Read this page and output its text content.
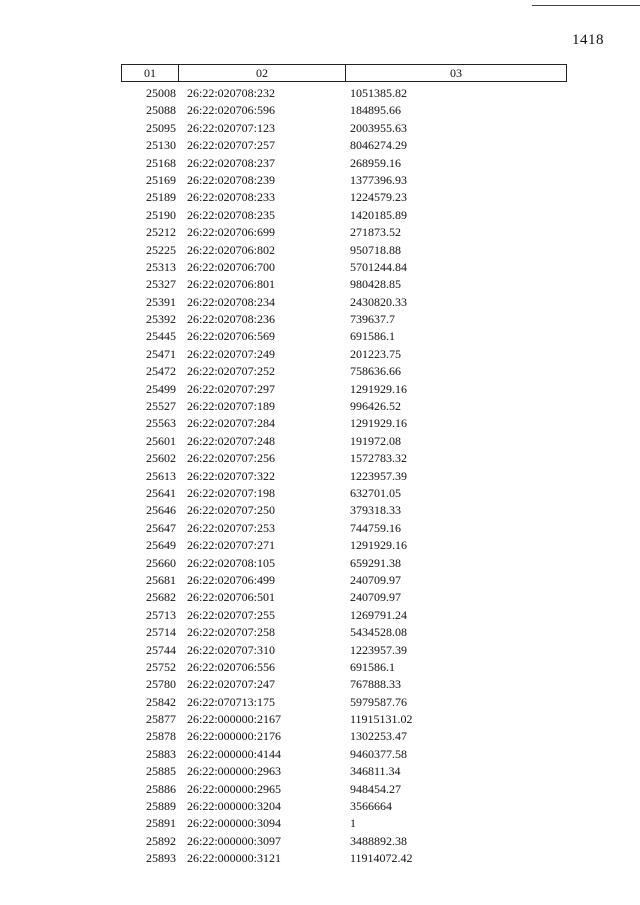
1418
01	02	03
25008 26:22:020708:232	1051385.82
25088 26:22:020706:596	184895.66
25095 26:22:020707:123	2003955.63
25130 26:22:020707:257	8046274.29
25168 26:22:020708:237	268959.16
25169 26:22:020708:239	1377396.93
25189 26:22:020708:233	1224579.23
25190 26:22:020708:235	1420185.89
25212 26:22:020706:699	271873.52
25225 26:22:020706:802	950718.88
25313 26:22:020706:700	5701244.84
25327 26:22:020706:801	980428.85
25391 26:22:020708:234	2430820.33
25392 26:22:020708:236	739637.7
25445 26:22:020706:569	691586.1
25471 26:22:020707:249	201223.75
25472 26:22:020707:252	758636.66
25499 26:22:020707:297	1291929.16
25527 26:22:020707:189	996426.52
25563 26:22:020707:284	1291929.16
25601 26:22:020707:248	191972.08
25602 26:22:020707:256	1572783.32
25613 26:22:020707:322	1223957.39
25641 26:22:020707:198	632701.05
25646 26:22:020707:250	379318.33
25647 26:22:020707:253	744759.16
25649 26:22:020707:271	1291929.16
25660 26:22:020708:105	659291.38
25681 26:22:020706:499	240709.97
25682 26:22:020706:501	240709.97
25713 26:22:020707:255	1269791.24
25714 26:22:020707:258	5434528.08
25744 26:22:020707:310	1223957.39
25752 26:22:020706:556	691586.1
25780 26:22:020707:247	767888.33
25842 26:22:070713:175	5979587.76
25877 26:22:000000:2167	11915131.02
25878 26:22:000000:2176	1302253.47
25883 26:22:000000:4144	9460377.58
25885 26:22:000000:2963	346811.34
25886 26:22:000000:2965	948454.27
25889 26:22:000000:3204	3566664
25891 26:22:000000:3094	1
25892 26:22:000000:3097	3488892.38
25893 26:22:000000:3121	11914072.42
